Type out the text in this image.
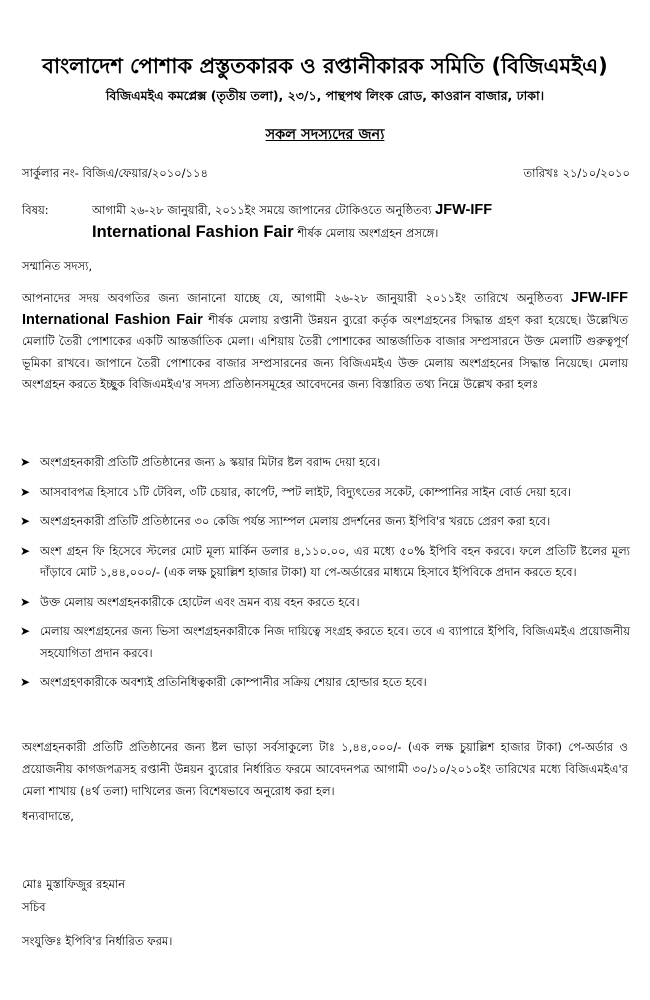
বাংলাদেশ পোশাক প্রস্তুতকারক ও রপ্তানীকারক সমিতি (বিজিএমইএ)
বিজিএমইএ কমপ্লেক্স (তৃতীয় তলা), ২৩/১, পান্থপথ লিংক রোড, কাওরান বাজার, ঢাকা।
সকল সদস্যদের জন্য
সার্কুলার নং- বিজিএ/ফেয়ার/২০১০/১১৪	তারিখঃ ২১/১০/২০১০
বিষয়:	আগামী ২৬-২৮ জানুয়ারী, ২০১১ইং সময়ে জাপানের টোকিওতে অনুষ্ঠিতব্য JFW-IFF
International Fashion Fair শীর্ষক মেলায় অংশগ্রহন প্রসঙ্গে।
সম্মানিত সদস্য,
আপনাদের সদয় অবগতির জন্য জানানো যাচ্ছে যে, আগামী ২৬-২৮ জানুয়ারী ২০১১ইং তারিখে অনুষ্ঠিতব্য JFW-IFF International Fashion Fair শীর্ষক মেলায় রপ্তানী উন্নয়ন ব্যুরো কর্তৃক অংশগ্রহনের সিদ্ধান্ত গ্রহণ করা হয়েছে। উল্লেখিত মেলাটি তৈরী পোশাকের একটি আন্তর্জাতিক মেলা। এশিয়ায় তৈরী পোশাকের আন্তর্জাতিক বাজার সম্প্রসারনে উক্ত মেলাটি গুরুত্বপূর্ণ ভূমিকা রাখবে। জাপানে তৈরী পোশাকের বাজার সম্প্রসারনের জন্য বিজিএমইএ উক্ত মেলায় অংশগ্রহনের সিদ্ধান্ত নিয়েছে। মেলায় অংশগ্রহন করতে ইচ্ছুক বিজিএমইএ'র সদস্য প্রতিষ্ঠানসমূহের আবেদনের জন্য বিস্তারিত তথ্য নিম্নে উল্লেখ করা হলঃ
➤ অংশগ্রহনকারী প্রতিটি প্রতিষ্ঠানের জন্য ৯ স্কয়ার মিটার ষ্টল বরাদ্দ দেয়া হবে।
➤ আসবাবপত্র হিসাবে ১টি টেবিল, ৩টি চেয়ার, কার্পেট, স্পট লাইট, বিদ্যুৎতের সকেট, কোম্পানির সাইন বোর্ড দেয়া হবে।
➤ অংশগ্রহনকারী প্রতিটি প্রতিষ্ঠানের ৩০ কেজি পর্যন্ত স্যাম্পল মেলায় প্রদর্শনের জন্য ইপিবি'র খরচে প্রেরণ করা হবে।
➤ অংশ গ্রহন ফি হিসেবে স্টলের মোট মূল্য মার্কিন ডলার ৪,১১০.০০, এর মধ্যে ৫০% ইপিবি বহন করবে। ফলে প্রতিটি ষ্টলের মূল্য দাঁড়াবে মোট ১,৪৪,০০০/- (এক লক্ষ চুয়াল্লিশ হাজার টাকা) যা পে-অর্ডারের মাধ্যমে হিসাবে ইপিবিকে প্রদান করতে হবে।
➤ উক্ত মেলায় অংশগ্রহনকারীকে হোটেল এবং ভ্রমন ব্যয় বহন করতে হবে।
➤ মেলায় অংশগ্রহনের জন্য ভিসা অংশগ্রহনকারীকে নিজ দায়িত্বে সংগ্রহ করতে হবে। তবে এ ব্যাপারে ইপিবি, বিজিএমইএ প্রয়োজনীয় সহযোগিতা প্রদান করবে।
➤ অংশগ্রহণকারীকে অবশ্যই প্রতিনিধিত্বকারী কোম্পানীর সক্রিয় শেয়ার হোল্ডার হতে হবে।
অংশগ্রহনকারী প্রতিটি প্রতিষ্ঠানের জন্য ষ্টল ভাড়া সর্বসাকুল্যে টাঃ ১,৪৪,০০০/- (এক লক্ষ চুয়াল্লিশ হাজার টাকা) পে-অর্ডার ও প্রয়োজনীয় কাগজপত্রসহ রপ্তানী উন্নয়ন ব্যুরোর নির্ধারিত ফরমে আবেদনপত্র আগামী ৩০/১০/২০১০ইং তারিখের মধ্যে বিজিএমইএ'র মেলা শাখায় (৪র্থ তলা) দাখিলের জন্য বিশেষভাবে অনুরোধ করা হল।
ধন্যবাদান্তে,
মোঃ মুস্তাফিজুর রহমান
সচিব
সংযুক্তিঃ ইপিবি'র নির্ধারিত ফরম।
